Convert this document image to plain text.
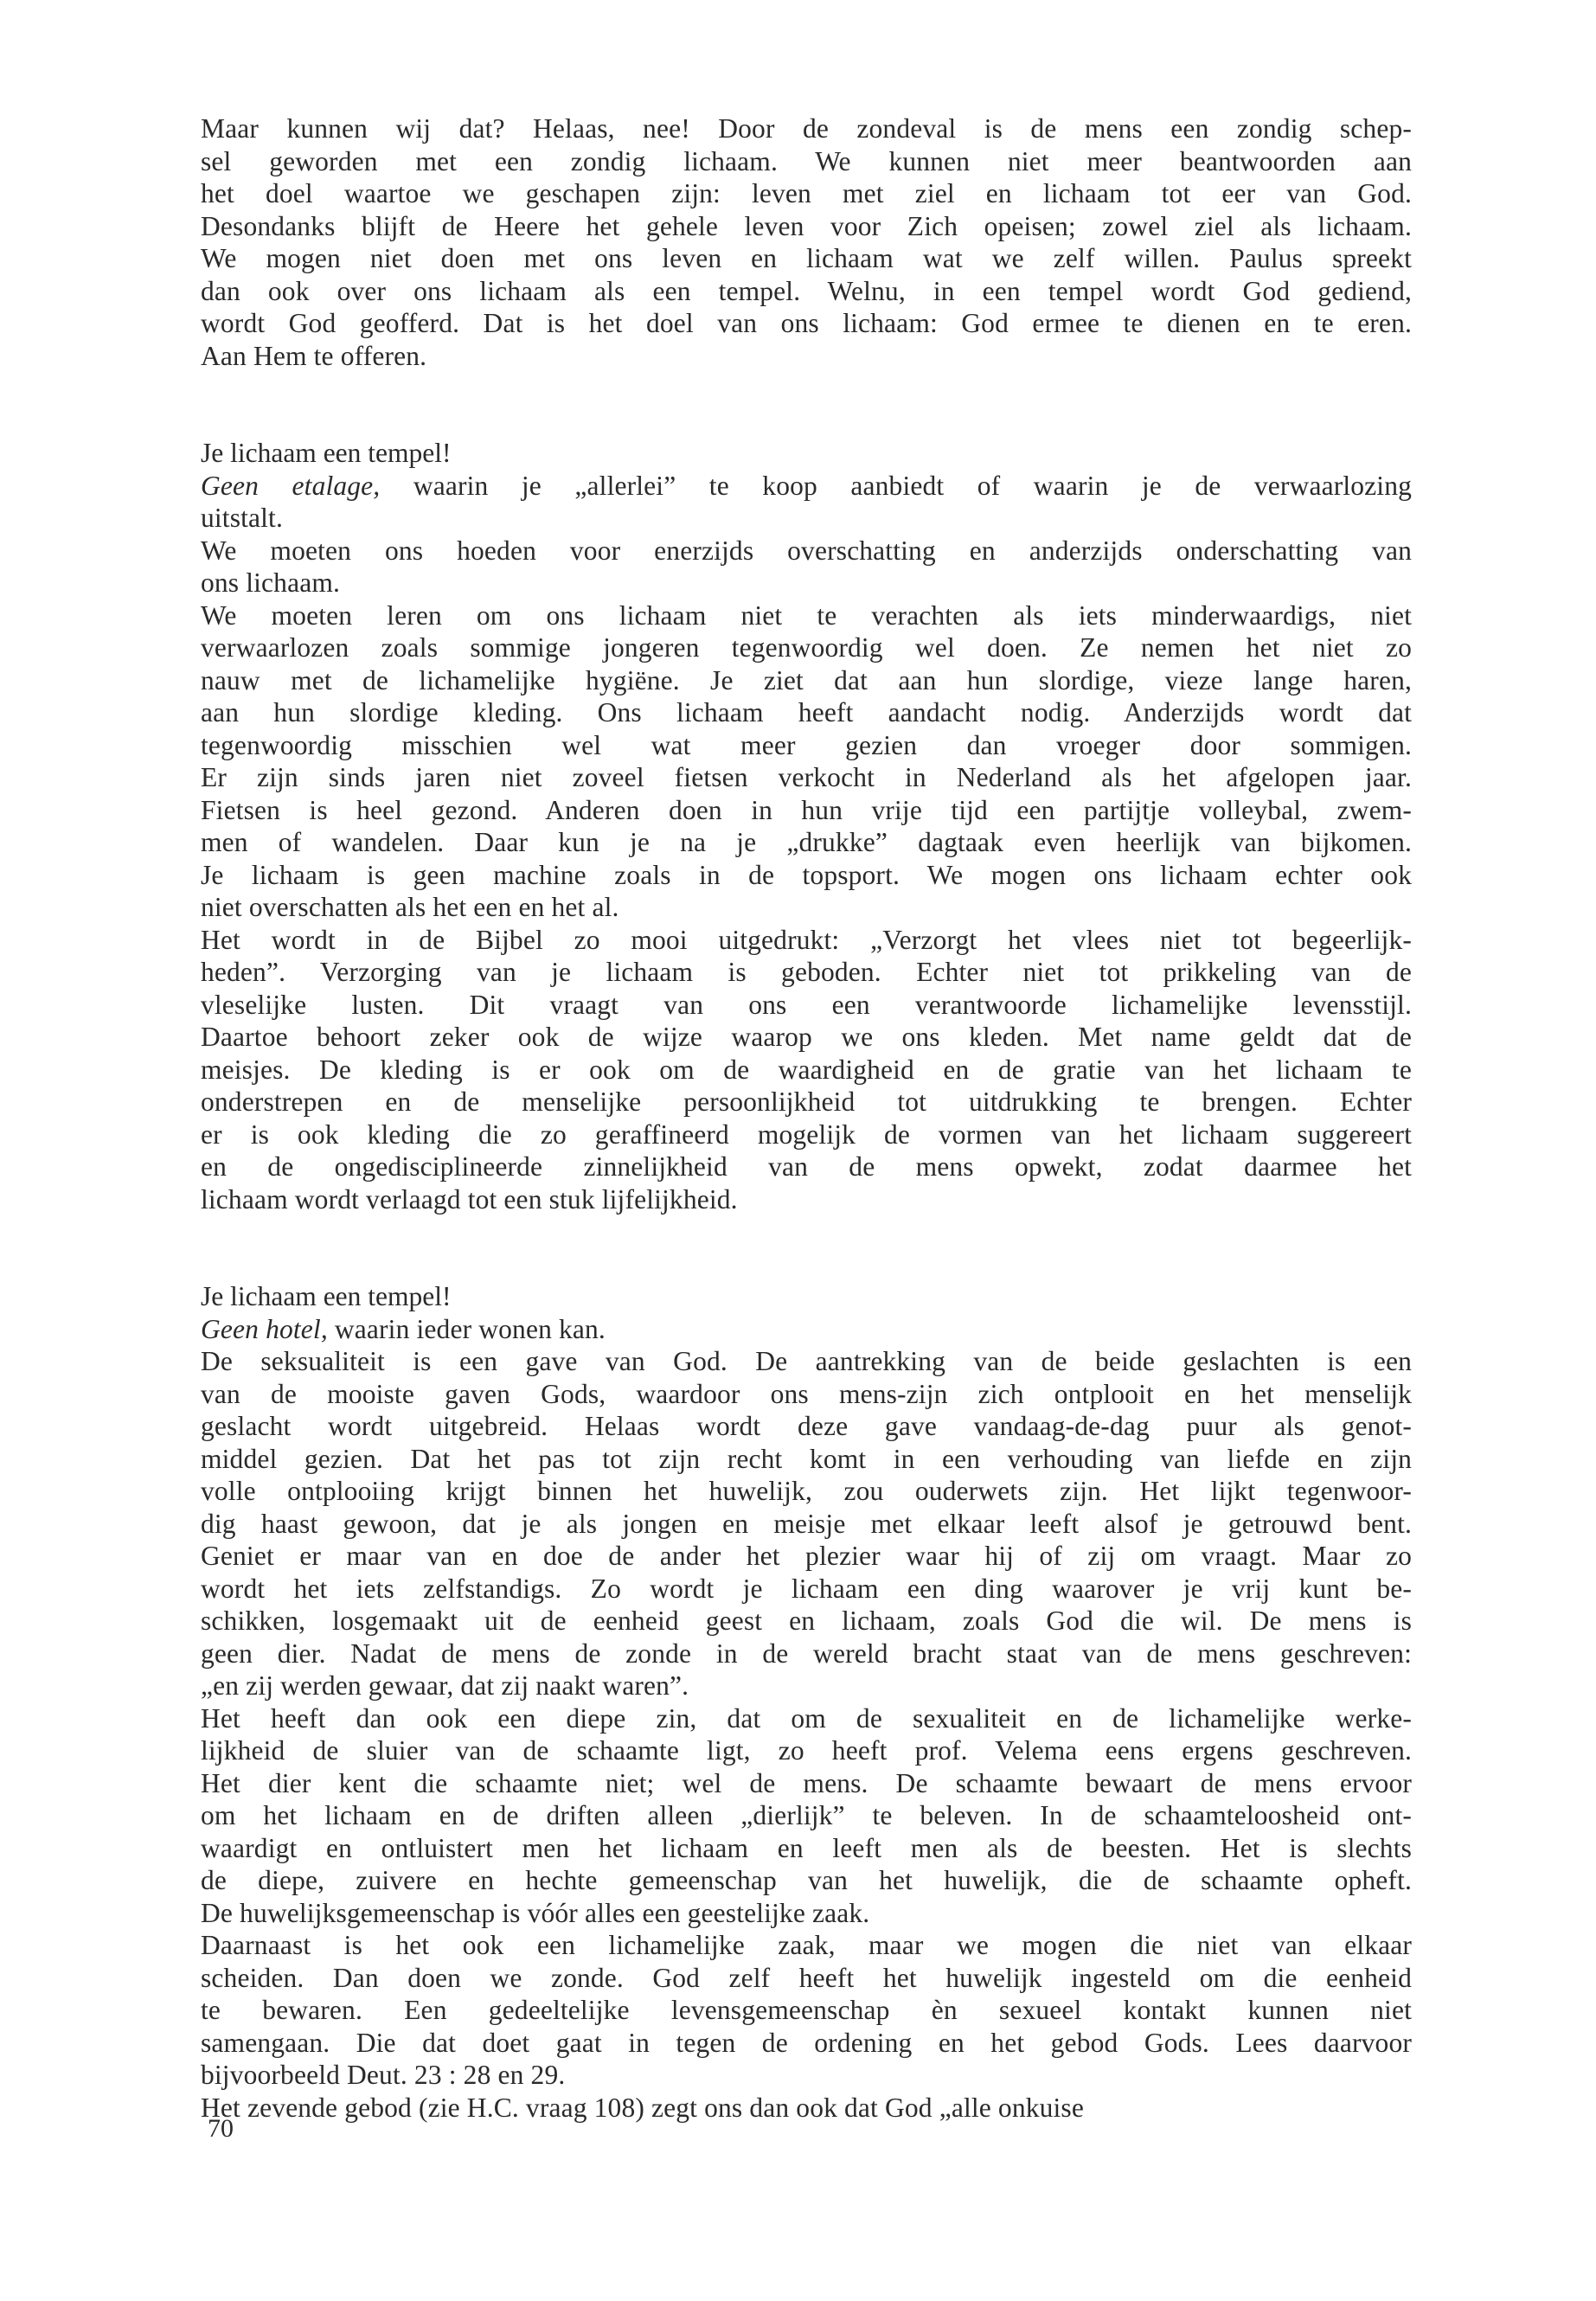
Maar kunnen wij dat? Helaas, nee! Door de zondeval is de mens een zondig schep-
sel geworden met een zondig lichaam. We kunnen niet meer beantwoorden aan
het doel waartoe we geschapen zijn: leven met ziel en lichaam tot eer van God.
Desondanks blijft de Heere het gehele leven voor Zich opeisen; zowel ziel als lichaam.
We mogen niet doen met ons leven en lichaam wat we zelf willen. Paulus spreekt
dan ook over ons lichaam als een tempel. Welnu, in een tempel wordt God gediend,
wordt God geofferd. Dat is het doel van ons lichaam: God ermee te dienen en te eren.
Aan Hem te offeren.
Je lichaam een tempel!
Geen etalage, waarin je „allerlei” te koop aanbiedt of waarin je de verwaarlozing
uitstalt.
We moeten ons hoeden voor enerzijds overschatting en anderzijds onderschatting van
ons lichaam.
We moeten leren om ons lichaam niet te verachten als iets minderwaardigs, niet
verwaarlozen zoals sommige jongeren tegenwoordig wel doen. Ze nemen het niet zo
nauw met de lichamelijke hygiëne. Je ziet dat aan hun slordige, vieze lange haren,
aan hun slordige kleding. Ons lichaam heeft aandacht nodig. Anderzijds wordt dat
tegenwoordig misschien wel wat meer gezien dan vroeger door sommigen.
Er zijn sinds jaren niet zoveel fietsen verkocht in Nederland als het afgelopen jaar.
Fietsen is heel gezond. Anderen doen in hun vrije tijd een partijtje volleybal, zwem-
men of wandelen. Daar kun je na je „drukke” dagtaak even heerlijk van bijkomen.
Je lichaam is geen machine zoals in de topsport. We mogen ons lichaam echter ook
niet overschatten als het een en het al.
Het wordt in de Bijbel zo mooi uitgedrukt: „Verzorgt het vlees niet tot begeerlijk-
heden”. Verzorging van je lichaam is geboden. Echter niet tot prikkeling van de
vleselijke lusten. Dit vraagt van ons een verantwoorde lichamelijke levensstijl.
Daartoe behoort zeker ook de wijze waarop we ons kleden. Met name geldt dat de
meisjes. De kleding is er ook om de waardigheid en de gratie van het lichaam te
onderstrepen en de menselijke persoonlijkheid tot uitdrukking te brengen. Echter
er is ook kleding die zo geraffineerd mogelijk de vormen van het lichaam suggereert
en de ongedisciplineerde zinnelijkheid van de mens opwekt, zodat daarmee het
lichaam wordt verlaagd tot een stuk lijfelijkheid.
Je lichaam een tempel!
Geen hotel, waarin ieder wonen kan.
De seksualiteit is een gave van God. De aantrekking van de beide geslachten is een
van de mooiste gaven Gods, waardoor ons mens-zijn zich ontplooit en het menselijk
geslacht wordt uitgebreid. Helaas wordt deze gave vandaag-de-dag puur als genot-
middel gezien. Dat het pas tot zijn recht komt in een verhouding van liefde en zijn
volle ontplooiing krijgt binnen het huwelijk, zou ouderwets zijn. Het lijkt tegenwoor-
dig haast gewoon, dat je als jongen en meisje met elkaar leeft alsof je getrouwd bent.
Geniet er maar van en doe de ander het plezier waar hij of zij om vraagt. Maar zo
wordt het iets zelfstandigs. Zo wordt je lichaam een ding waarover je vrij kunt be-
schikken, losgemaakt uit de eenheid geest en lichaam, zoals God die wil. De mens is
geen dier. Nadat de mens de zonde in de wereld bracht staat van de mens geschreven:
„en zij werden gewaar, dat zij naakt waren”.
Het heeft dan ook een diepe zin, dat om de sexualiteit en de lichamelijke werke-
lijkheid de sluier van de schaamte ligt, zo heeft prof. Velema eens ergens geschreven.
Het dier kent die schaamte niet; wel de mens. De schaamte bewaart de mens ervoor
om het lichaam en de driften alleen „dierlijk” te beleven. In de schaamteloosheid ont-
waardigt en ontluistert men het lichaam en leeft men als de beesten. Het is slechts
de diepe, zuivere en hechte gemeenschap van het huwelijk, die de schaamte opheft.
De huwelijksgemeenschap is vóór alles een geestelijke zaak.
Daarnaast is het ook een lichamelijke zaak, maar we mogen die niet van elkaar
scheiden. Dan doen we zonde. God zelf heeft het huwelijk ingesteld om die eenheid
te bewaren. Een gedeeltelijke levensgemeenschap èn sexueel kontakt kunnen niet
samengaan. Die dat doet gaat in tegen de ordening en het gebod Gods. Lees daarvoor
bijvoorbeeld Deut. 23 : 28 en 29.
Het zevende gebod (zie H.C. vraag 108) zegt ons dan ook dat God „alle onkuise
70
